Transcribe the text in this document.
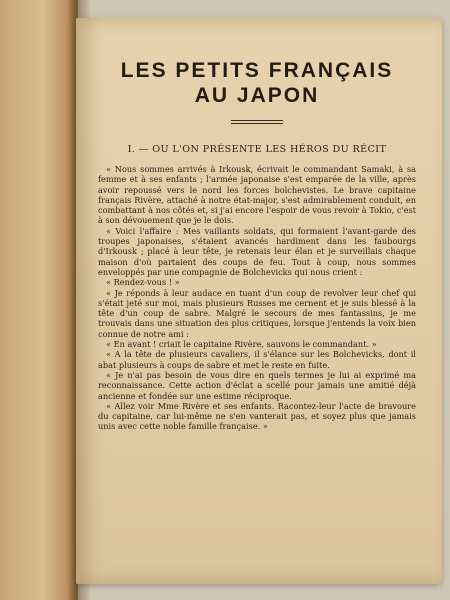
LES PETITS FRANÇAIS
AU JAPON
I. — OU L'ON PRÉSENTE LES HÉROS DU RÉCIT

« Nous sommes arrivés à Irkousk, écrivait le commandant Samaki, à sa femme et à ses enfants ; l'armée japonaise s'est emparée de la ville, après avoir repoussé vers le nord les forces bolchevistes. Le brave capitaine français Rivère, attaché à notre état-major, s'est admirablement conduit, en combattant à nos côtés et, si j'ai encore l'espoir de vous revoir à Tokio, c'est à son dévouement que je le dois.

« Voici l'affaire : Mes vaillants soldats, qui formaient l'avant-garde des troupes japonaises, s'étaient avancés hardiment dans les faubourgs d'Irkousk ; placé à leur tête, je retenais leur élan et je surveillais chaque maison d'où partaient des coups de feu. Tout à coup, nous sommes enveloppés par une compagnie de Bolchevicks qui nous crient :

« Rendez-vous ! »

« Je réponds à leur audace en tuant d'un coup de revolver leur chef qui s'était jeté sur moi, mais plusieurs Russes me cernent et je suis blessé à la tête d'un coup de sabre. Malgré le secours de mes fantassins, je me trouvais dans une situation des plus critiques, lorsque j'entends la voix bien connue de notre ami :

« En avant ! criait le capitaine Rivère, sauvons le commandant. »

« A la tête de plusieurs cavaliers, il s'élance sur les Bolchevicks, dont il abat plusieurs à coups de sabre et met le reste en fuite.

« Je n'ai pas besoin de vous dire en quels termes je lui ai exprimé ma reconnaissance. Cette action d'éclat a scellé pour jamais une amitié déjà ancienne et fondée sur une estime réciproque.

« Allez voir Mme Rivère et ses enfants. Racontez-leur l'acte de bravoure du capitaine, car lui-même ne s'en vanterait pas, et soyez plus que jamais unis avec cette noble famille française. »
